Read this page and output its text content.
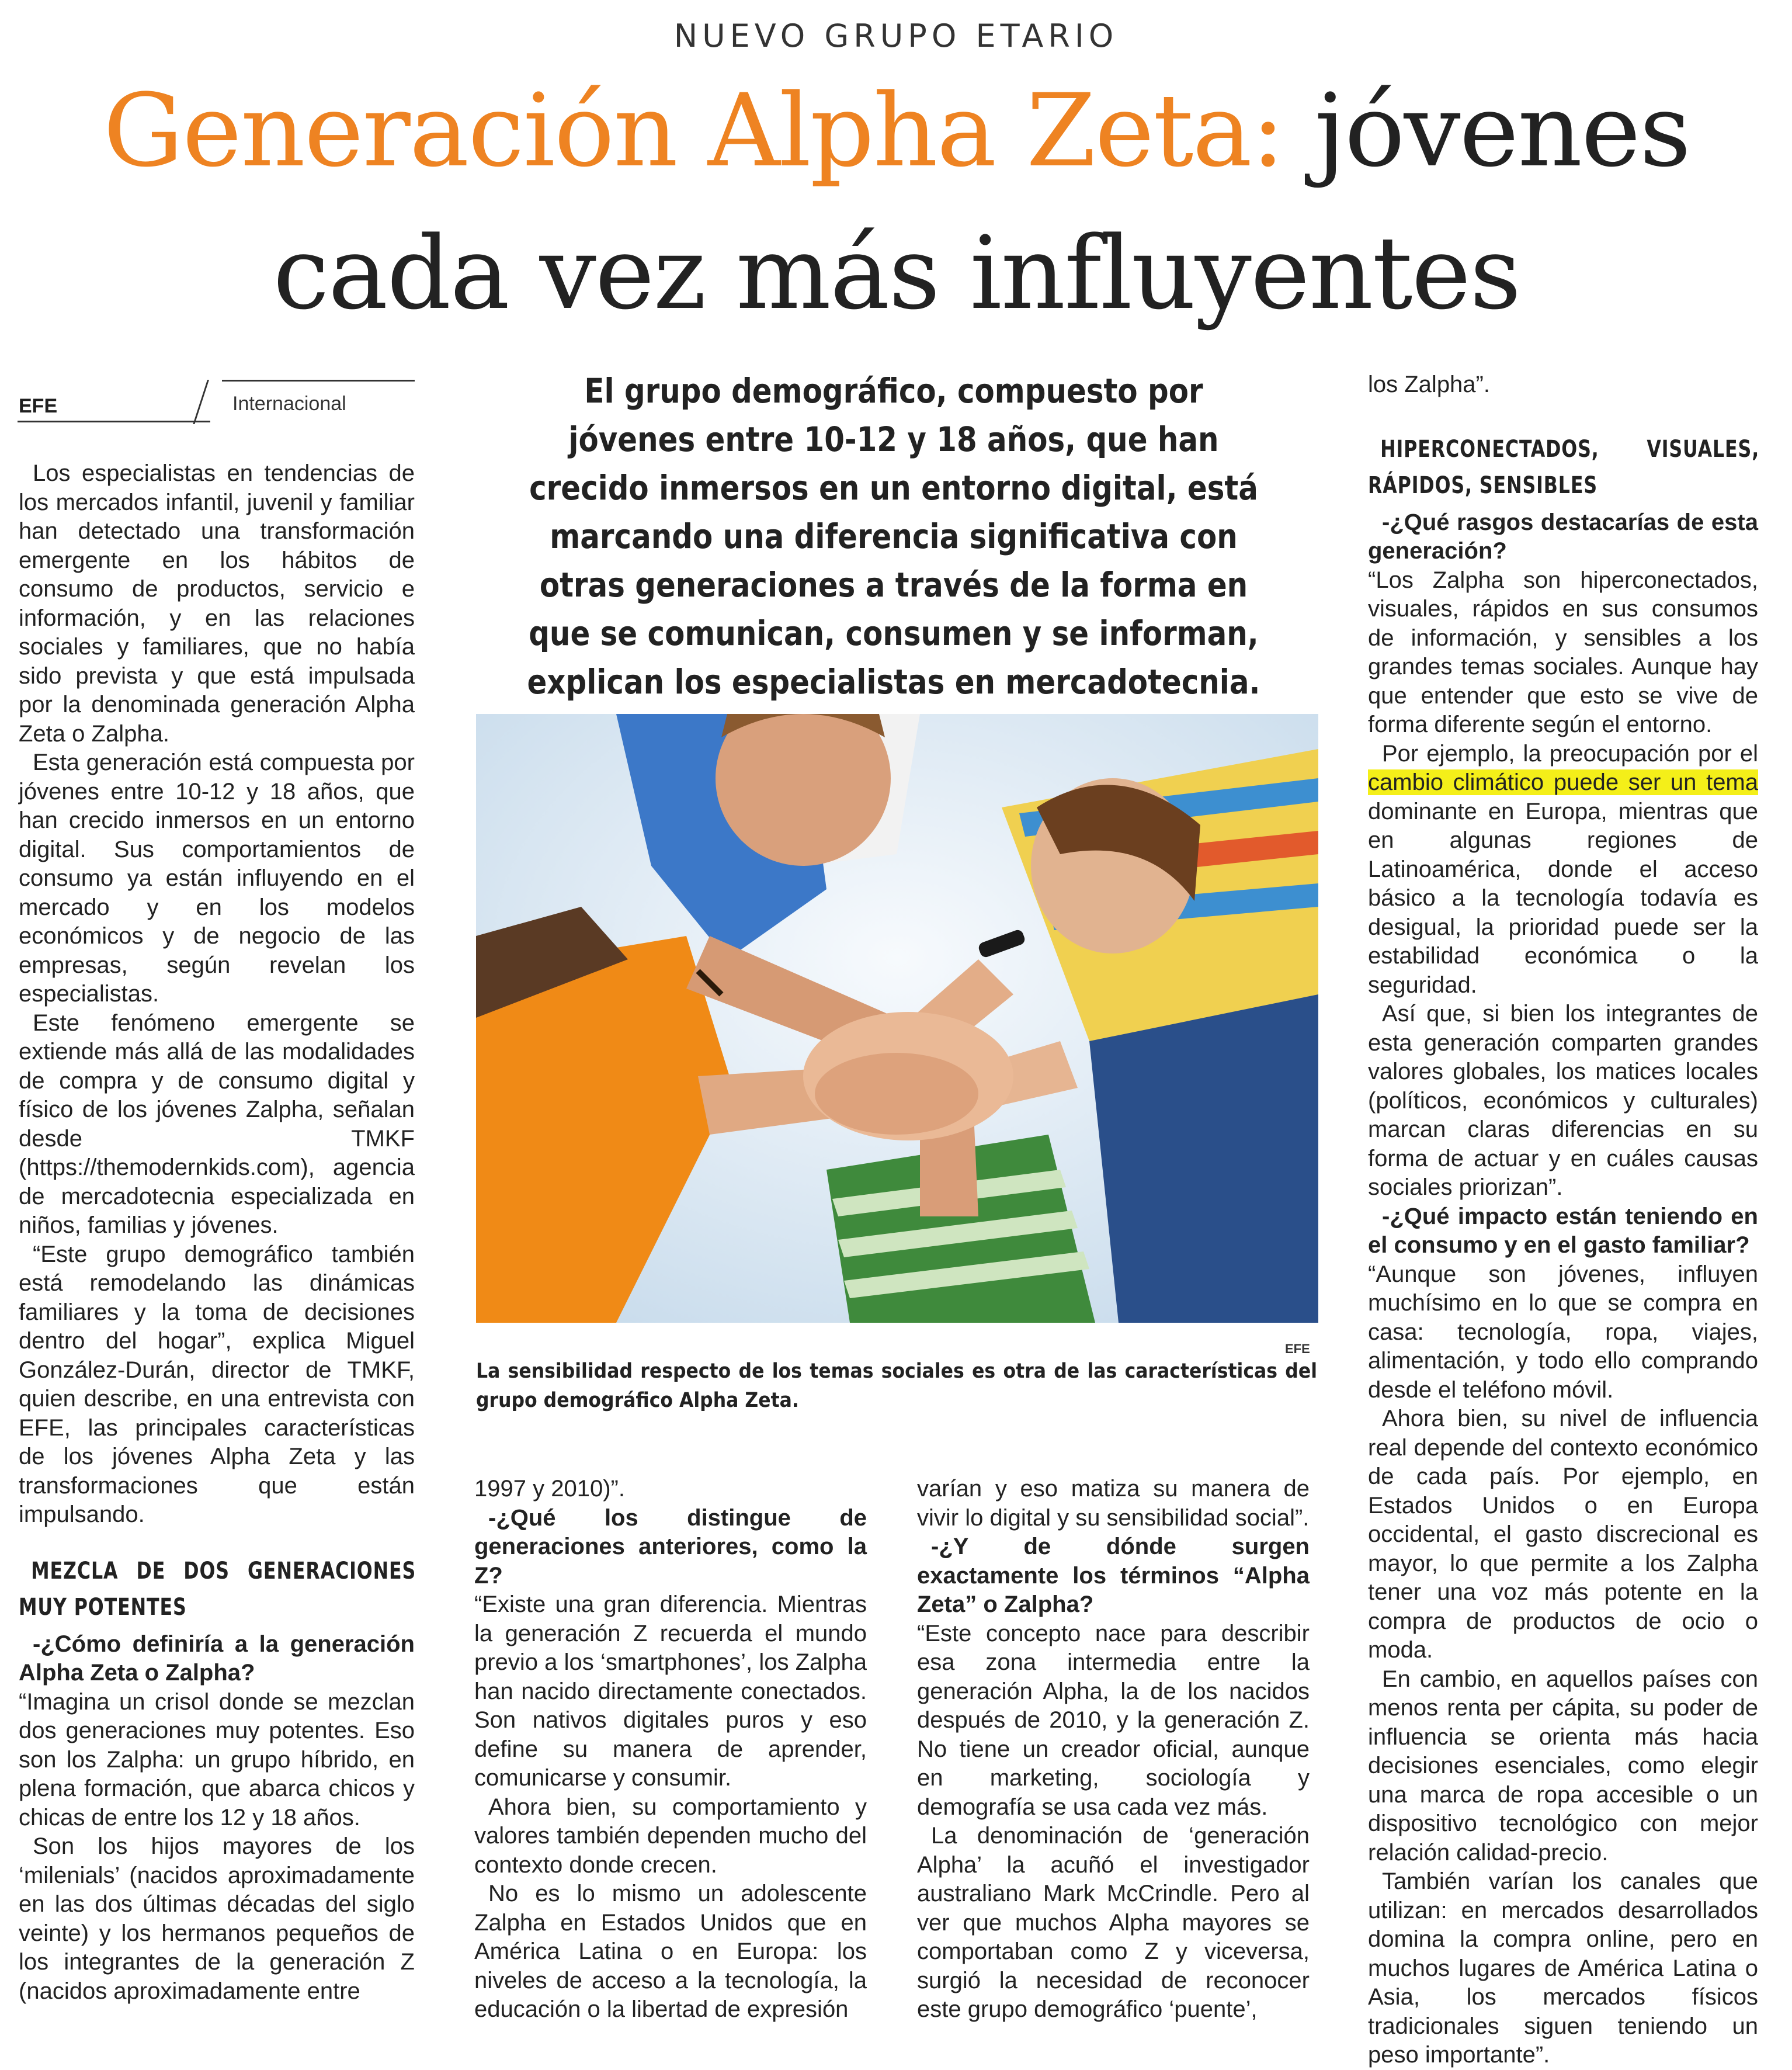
NUEVO GRUPO ETARIO
Generación Alpha Zeta: jóvenes
cada vez más influyentes
EFE	Internacional

Los especialistas en tendencias de los mercados infantil, juvenil y familiar han detectado una transformación emergente en los hábitos de consumo de productos, servicio e información, y en las relaciones sociales y familiares, que no había sido prevista y que está impulsada por la denominada generación Alpha Zeta o Zalpha.

Esta generación está compuesta por jóvenes entre 10-12 y 18 años, que han crecido inmersos en un entorno digital. Sus comportamientos de consumo ya están influyendo en el mercado y en los modelos económicos y de negocio de las empresas, según revelan los especialistas.

Este fenómeno emergente se extiende más allá de las modalidades de compra y de consumo digital y físico de los jóvenes Zalpha, señalan desde TMKF (https://themodernkids.com), agencia de mercadotecnia especializada en niños, familias y jóvenes.

“Este grupo demográfico también está remodelando las dinámicas familiares y la toma de decisiones dentro del hogar”, explica Miguel González-Durán, director de TMKF, quien describe, en una entrevista con EFE, las principales características de los jóvenes Alpha Zeta y las transformaciones que están impulsando.

MEZCLA DE DOS GENERACIONES MUY POTENTES

-¿Cómo definiría a la generación Alpha Zeta o Zalpha?

“Imagina un crisol donde se mezclan dos generaciones muy potentes. Eso son los Zalpha: un grupo híbrido, en plena formación, que abarca chicos y chicas de entre los 12 y 18 años.

Son los hijos mayores de los ‘milenials’ (nacidos aproximadamente en las dos últimas décadas del siglo veinte) y los hermanos pequeños de los integrantes de la generación Z (nacidos aproximadamente entre

El grupo demográfico, compuesto por jóvenes entre 10-12 y 18 años, que han crecido inmersos en un entorno digital, está marcando una diferencia significativa con otras generaciones a través de la forma en que se comunican, consumen y se informan, explican los especialistas en mercadotecnia.
EFE
La sensibilidad respecto de los temas sociales es otra de las características del grupo demográfico Alpha Zeta.

1997 y 2010)”.

-¿Qué los distingue de generaciones anteriores, como la Z?

“Existe una gran diferencia. Mientras la generación Z recuerda el mundo previo a los ‘smartphones’, los Zalpha han nacido directamente conectados. Son nativos digitales puros y eso define su manera de aprender, comunicarse y consumir.

Ahora bien, su comportamiento y valores también dependen mucho del contexto donde crecen.

No es lo mismo un adolescente Zalpha en Estados Unidos que en América Latina o en Europa: los niveles de acceso a la tecnología, la educación o la libertad de expresión

varían y eso matiza su manera de vivir lo digital y su sensibilidad social”.

-¿Y de dónde surgen exactamente los términos “Alpha Zeta” o Zalpha?

“Este concepto nace para describir esa zona intermedia entre la generación Alpha, la de los nacidos después de 2010, y la generación Z. No tiene un creador oficial, aunque en marketing, sociología y demografía se usa cada vez más.

La denominación de ‘generación Alpha’ la acuñó el investigador australiano Mark McCrindle. Pero al ver que muchos Alpha mayores se comportaban como Z y viceversa, surgió la necesidad de reconocer este grupo demográfico ‘puente’,

los Zalpha”.

HIPERCONECTADOS, VISUALES, RÁPIDOS, SENSIBLES

-¿Qué rasgos destacarías de esta generación?

“Los Zalpha son hiperconectados, visuales, rápidos en sus consumos de información, y sensibles a los grandes temas sociales. Aunque hay que entender que esto se vive de forma diferente según el entorno.

Por ejemplo, la preocupación por el cambio climático puede ser un tema dominante en Europa, mientras que en algunas regiones de Latinoamérica, donde el acceso básico a la tecnología todavía es desigual, la prioridad puede ser la estabilidad económica o la seguridad.

Así que, si bien los integrantes de esta generación comparten grandes valores globales, los matices locales (políticos, económicos y culturales) marcan claras diferencias en su forma de actuar y en cuáles causas sociales priorizan”.

-¿Qué impacto están teniendo en el consumo y en el gasto familiar?

“Aunque son jóvenes, influyen muchísimo en lo que se compra en casa: tecnología, ropa, viajes, alimentación, y todo ello comprando desde el teléfono móvil.

Ahora bien, su nivel de influencia real depende del contexto económico de cada país. Por ejemplo, en Estados Unidos o en Europa occidental, el gasto discrecional es mayor, lo que permite a los Zalpha tener una voz más potente en la compra de productos de ocio o moda.

En cambio, en aquellos países con menos renta per cápita, su poder de influencia se orienta más hacia decisiones esenciales, como elegir una marca de ropa accesible o un dispositivo tecnológico con mejor relación calidad-precio.

También varían los canales que utilizan: en mercados desarrollados domina la compra online, pero en muchos lugares de América Latina o Asia, los mercados físicos tradicionales siguen teniendo un peso importante”.
